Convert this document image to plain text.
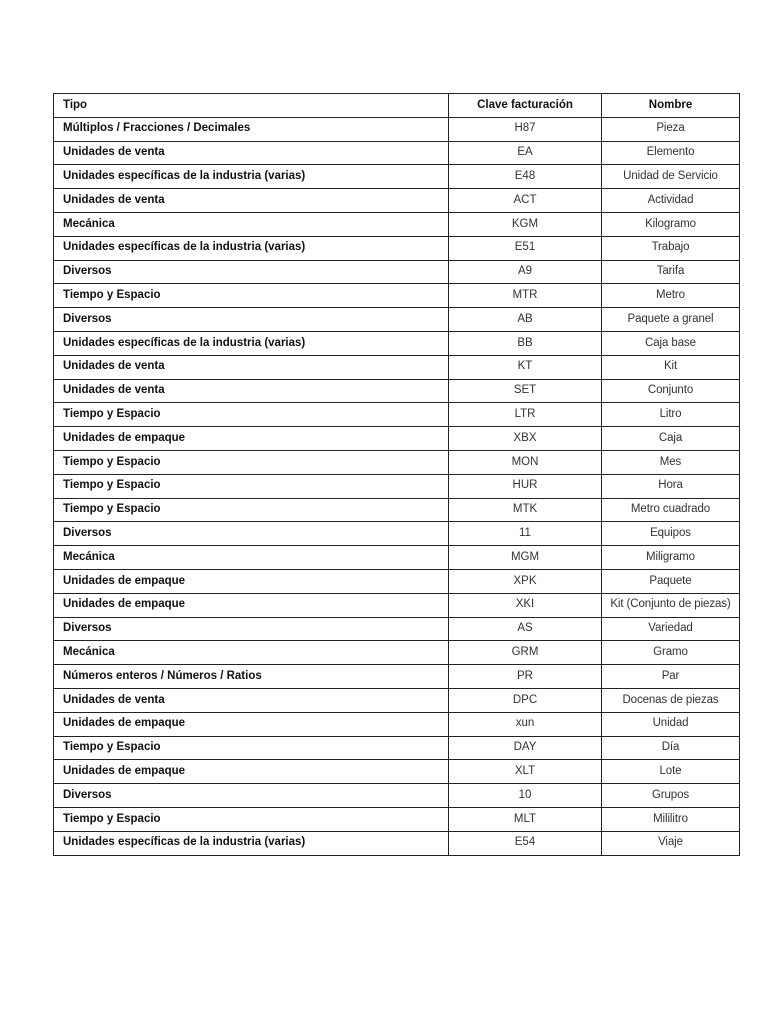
Tipo	Clave facturación	Nombre
Múltiplos / Fracciones / Decimales	H87	Pieza
Unidades de venta	EA	Elemento
Unidades específicas de la industria (varias)	E48	Unidad de Servicio
Unidades de venta	ACT	Actividad
Mecánica	KGM	Kilogramo
Unidades específicas de la industria (varias)	E51	Trabajo
Diversos	A9	Tarifa
Tiempo y Espacio	MTR	Metro
Diversos	AB	Paquete a granel
Unidades específicas de la industria (varias)	BB	Caja base
Unidades de venta	KT	Kit
Unidades de venta	SET	Conjunto
Tiempo y Espacio	LTR	Litro
Unidades de empaque	XBX	Caja
Tiempo y Espacio	MON	Mes
Tiempo y Espacio	HUR	Hora
Tiempo y Espacio	MTK	Metro cuadrado
Diversos	11	Equipos
Mecánica	MGM	Miligramo
Unidades de empaque	XPK	Paquete
Unidades de empaque	XKI	Kit (Conjunto de piezas)
Diversos	AS	Variedad
Mecánica	GRM	Gramo
Números enteros / Números / Ratios	PR	Par
Unidades de venta	DPC	Docenas de piezas
Unidades de empaque	xun	Unidad
Tiempo y Espacio	DAY	Día
Unidades de empaque	XLT	Lote
Diversos	10	Grupos
Tiempo y Espacio	MLT	Mililitro
Unidades específicas de la industria (varias)	E54	Viaje
